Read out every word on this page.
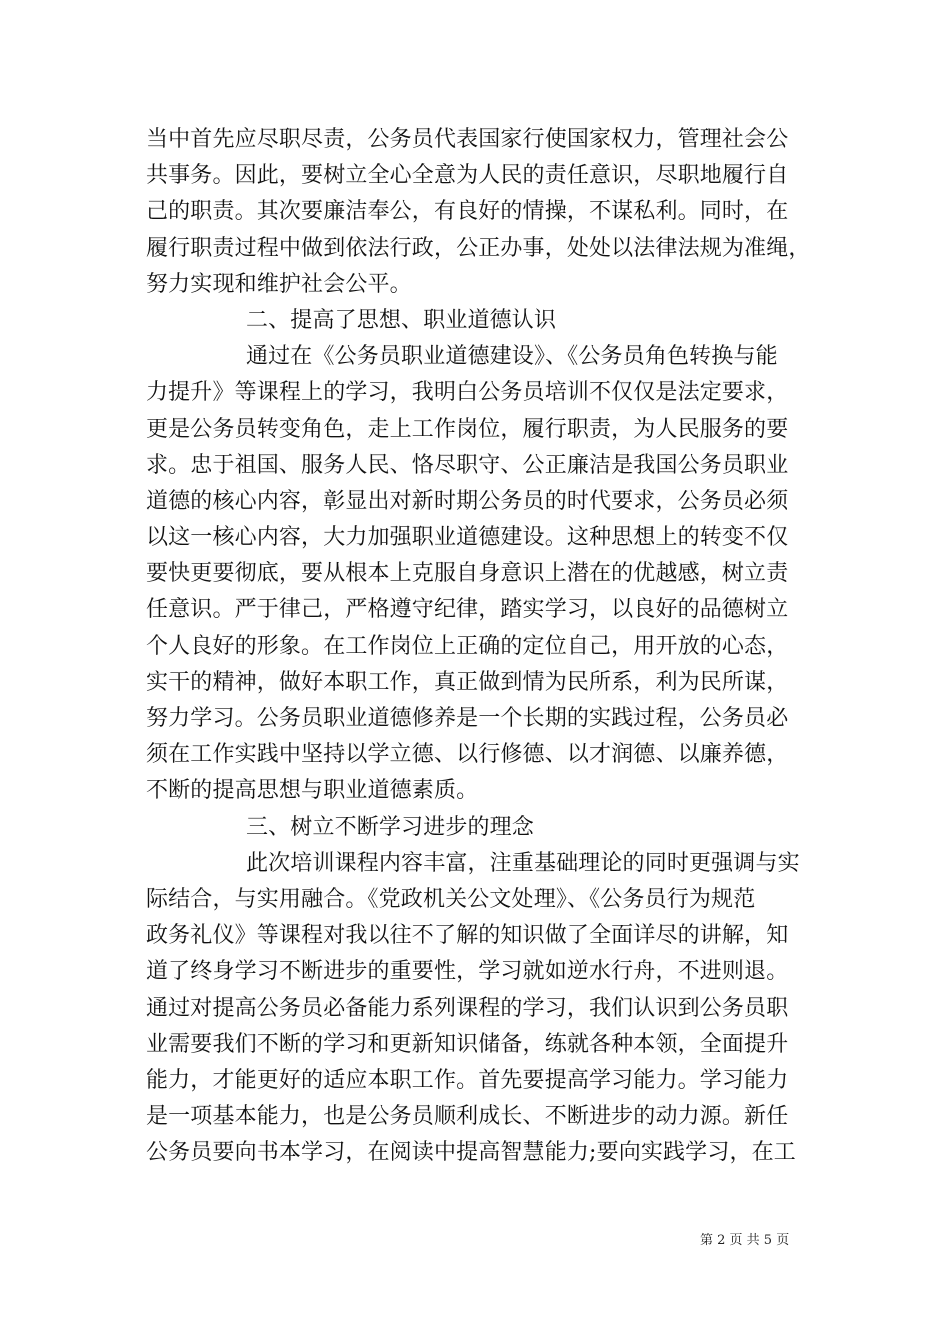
当中首先应尽职尽责，公务员代表国家行使国家权力，管理社会公
共事务。因此，要树立全心全意为人民的责任意识，尽职地履行自
己的职责。其次要廉洁奉公，有良好的情操，不谋私利。同时，在
履行职责过程中做到依法行政，公正办事，处处以法律法规为准绳，
努力实现和维护社会公平。
二、提高了思想、职业道德认识
通过在《公务员职业道德建设》、《公务员角色转换与能
力提升》等课程上的学习，我明白公务员培训不仅仅是法定要求，
更是公务员转变角色，走上工作岗位，履行职责，为人民服务的要
求。忠于祖国、服务人民、恪尽职守、公正廉洁是我国公务员职业
道德的核心内容，彰显出对新时期公务员的时代要求，公务员必须
以这一核心内容，大力加强职业道德建设。这种思想上的转变不仅
要快更要彻底，要从根本上克服自身意识上潜在的优越感，树立责
任意识。严于律己，严格遵守纪律，踏实学习，以良好的品德树立
个人良好的形象。在工作岗位上正确的定位自己，用开放的心态，
实干的精神，做好本职工作，真正做到情为民所系，利为民所谋，
努力学习。公务员职业道德修养是一个长期的实践过程，公务员必
须在工作实践中坚持以学立德、以行修德、以才润德、以廉养德，
不断的提高思想与职业道德素质。
三、树立不断学习进步的理念
此次培训课程内容丰富，注重基础理论的同时更强调与实
际结合，与实用融合。《党政机关公文处理》、《公务员行为规范
政务礼仪》等课程对我以往不了解的知识做了全面详尽的讲解，知
道了终身学习不断进步的重要性，学习就如逆水行舟，不进则退。
通过对提高公务员必备能力系列课程的学习，我们认识到公务员职
业需要我们不断的学习和更新知识储备，练就各种本领，全面提升
能力，才能更好的适应本职工作。首先要提高学习能力。学习能力
是一项基本能力，也是公务员顺利成长、不断进步的动力源。新任
公务员要向书本学习，在阅读中提高智慧能力;要向实践学习，在工
第 2 页 共 5 页
